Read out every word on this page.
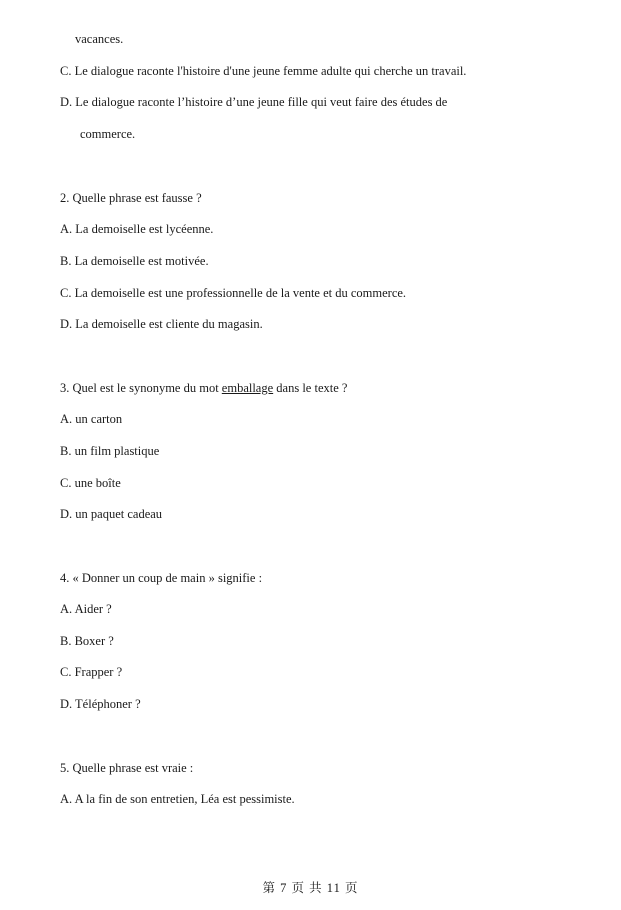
vacances.
C. Le dialogue raconte l'histoire d'une jeune femme adulte qui cherche un travail.
D. Le dialogue raconte l’histoire d’une jeune fille qui veut faire des études de
commerce.
2. Quelle phrase est fausse ?
A. La demoiselle est lycéenne.
B. La demoiselle est motivée.
C. La demoiselle est une professionnelle de la vente et du commerce.
D. La demoiselle est cliente du magasin.
3. Quel est le synonyme du mot emballage dans le texte ?
A. un carton
B. un film plastique
C. une boîte
D. un paquet cadeau
4. « Donner un coup de main » signifie :
A. Aider ?
B. Boxer ?
C. Frapper ?
D. Téléphoner ?
5. Quelle phrase est vraie :
A. A la fin de son entretien, Léa est pessimiste.
第 7 页 共 11 页
